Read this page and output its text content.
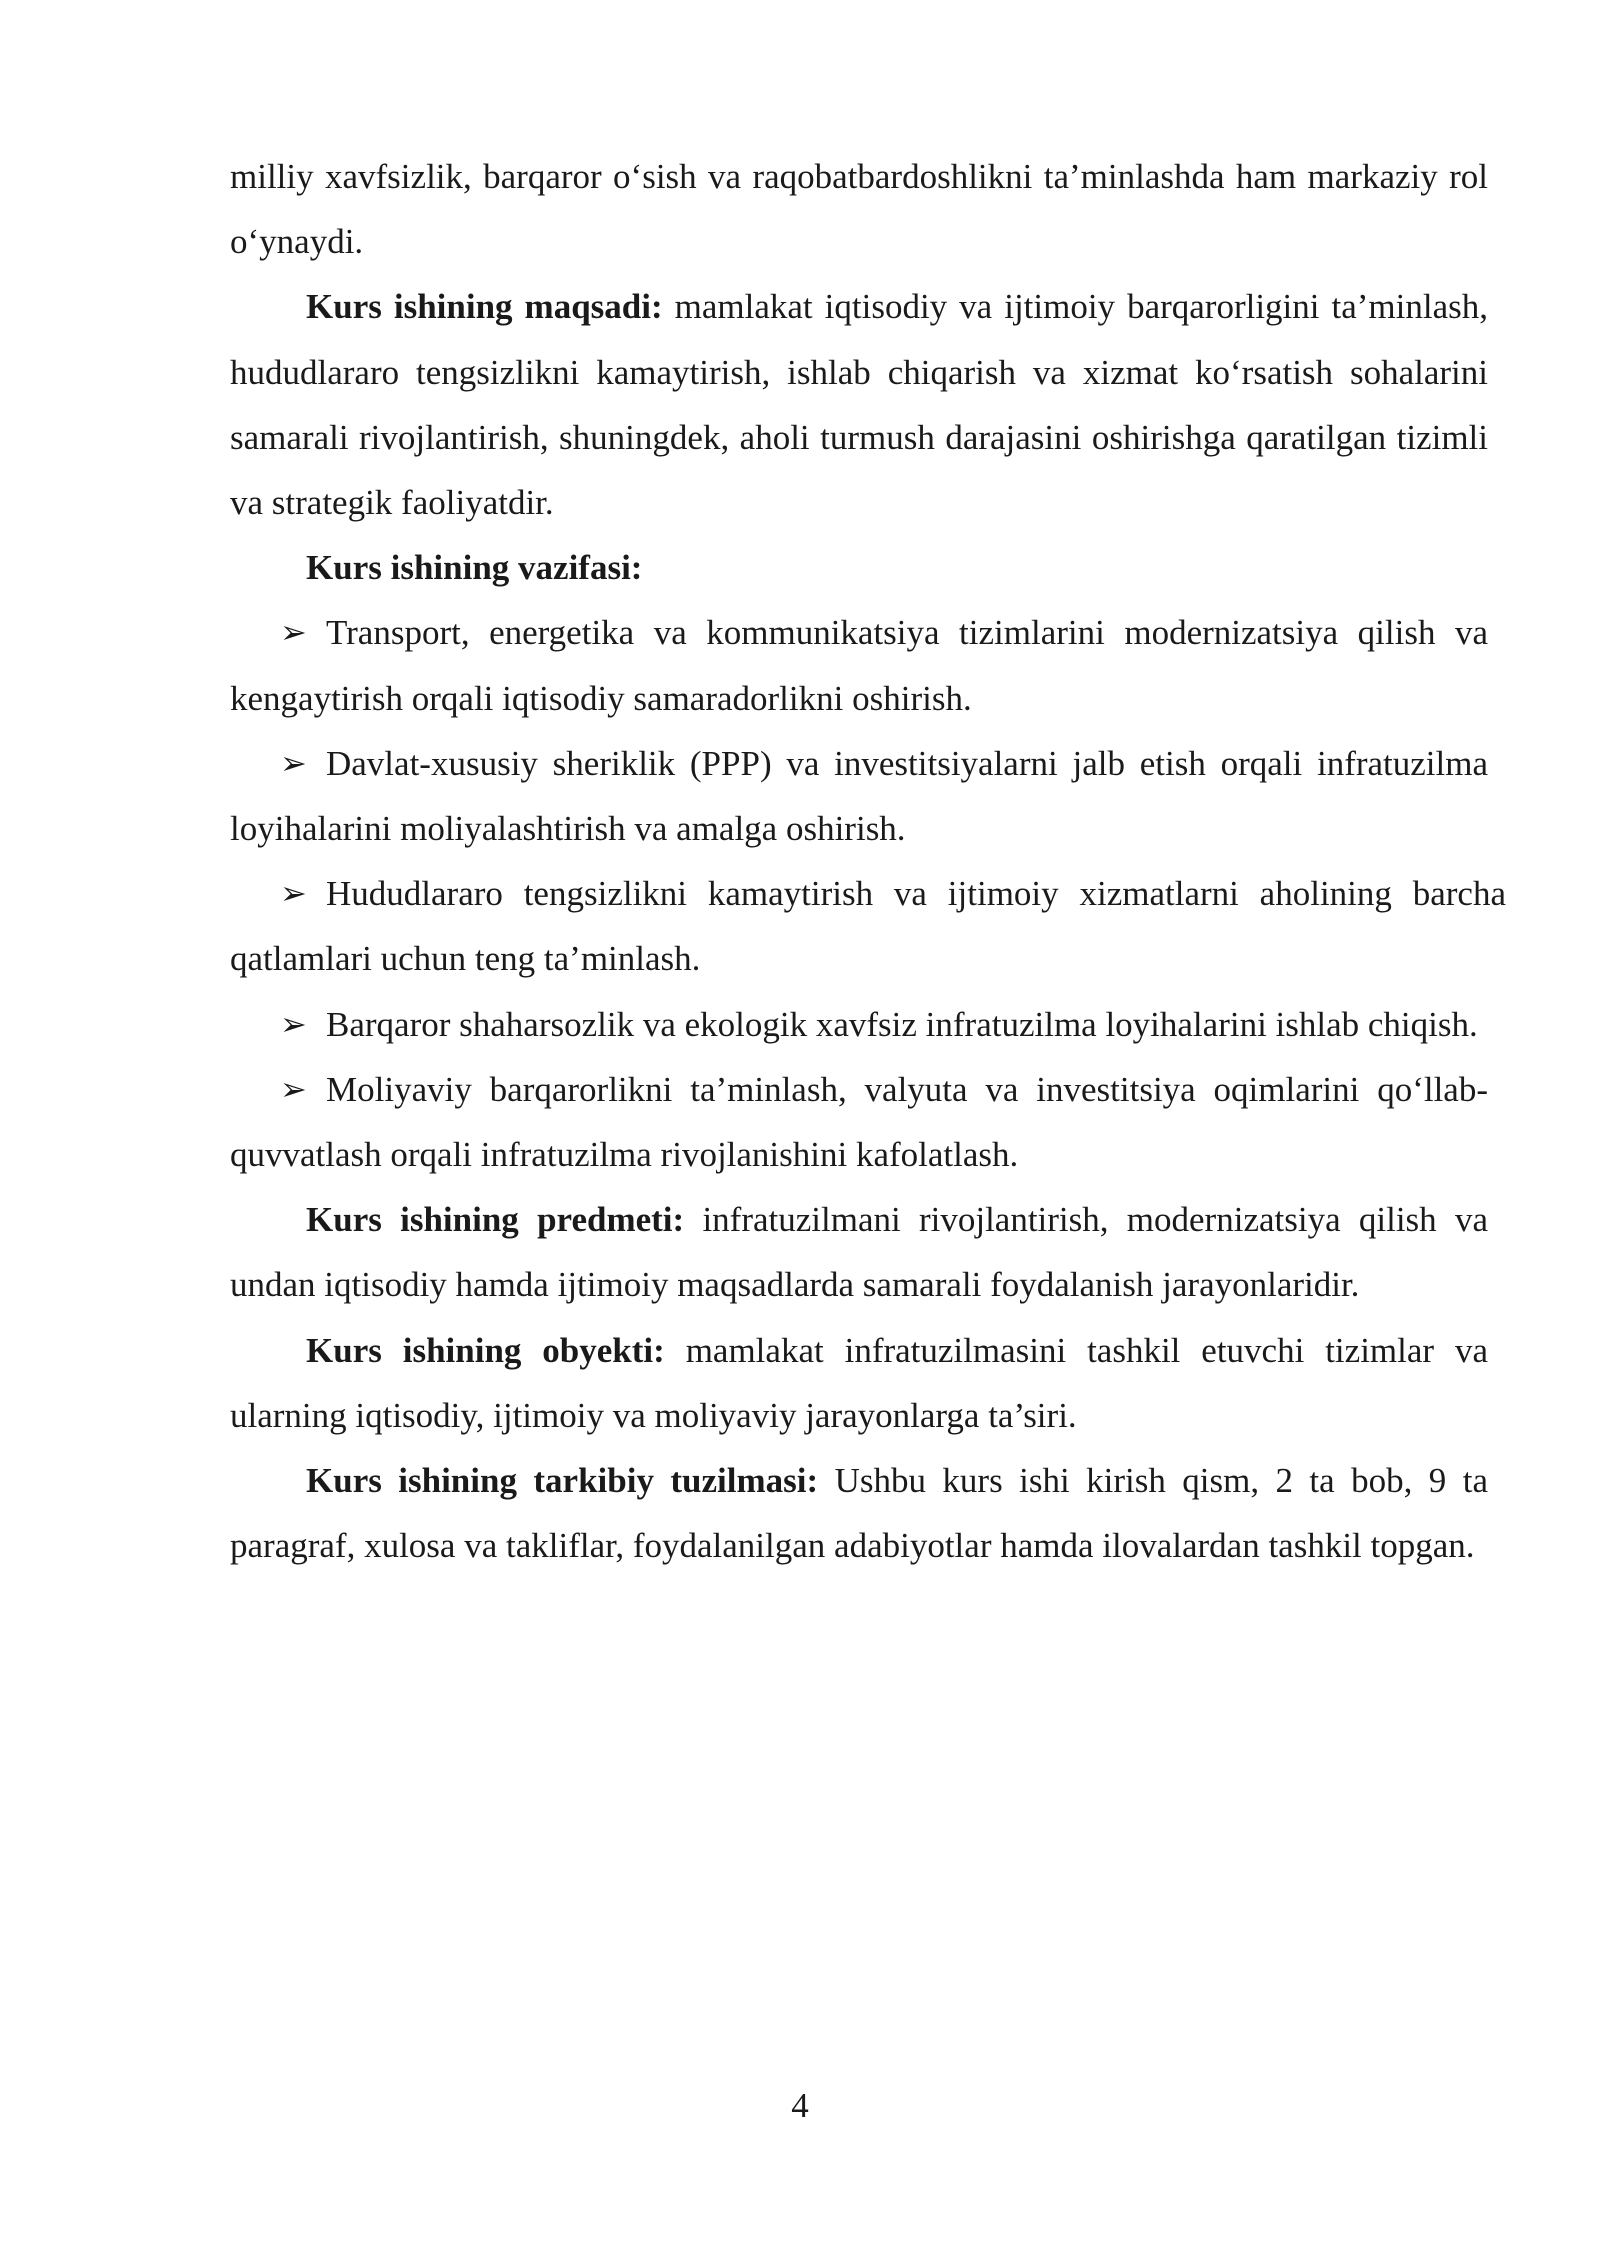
milliy xavfsizlik, barqaror o‘sish va raqobatbardoshlikni ta’minlashda ham markaziy rol o‘ynaydi.

Kurs ishining maqsadi: mamlakat iqtisodiy va ijtimoiy barqarorligini ta’minlash, hududlararo tengsizlikni kamaytirish, ishlab chiqarish va xizmat ko‘rsatish sohalarini samarali rivojlantirish, shuningdek, aholi turmush darajasini oshirishga qaratilgan tizimli va strategik faoliyatdir.

Kurs ishining vazifasi:

➢ Transport, energetika va kommunikatsiya tizimlarini modernizatsiya qilish va kengaytirish orqali iqtisodiy samaradorlikni oshirish.

➢ Davlat-xususiy sheriklik (PPP) va investitsiyalarni jalb etish orqali infratuzilma loyihalarini moliyalashtirish va amalga oshirish.

➢ Hududlararo tengsizlikni kamaytirish va ijtimoiy xizmatlarni aholining barcha qatlamlari uchun teng ta’minlash.

➢ Barqaror shaharsozlik va ekologik xavfsiz infratuzilma loyihalarini ishlab chiqish.

➢ Moliyaviy barqarorlikni ta’minlash, valyuta va investitsiya oqimlarini qo‘llab-quvvatlash orqali infratuzilma rivojlanishini kafolatlash.

Kurs ishining predmeti: infratuzilmani rivojlantirish, modernizatsiya qilish va undan iqtisodiy hamda ijtimoiy maqsadlarda samarali foydalanish jarayonlaridir.

Kurs ishining obyekti: mamlakat infratuzilmasini tashkil etuvchi tizimlar va ularning iqtisodiy, ijtimoiy va moliyaviy jarayonlarga ta’siri.

Kurs ishining tarkibiy tuzilmasi: Ushbu kurs ishi kirish qism, 2 ta bob, 9 ta paragraf, xulosa va takliflar, foydalanilgan adabiyotlar hamda ilovalardan tashkil topgan.

4
